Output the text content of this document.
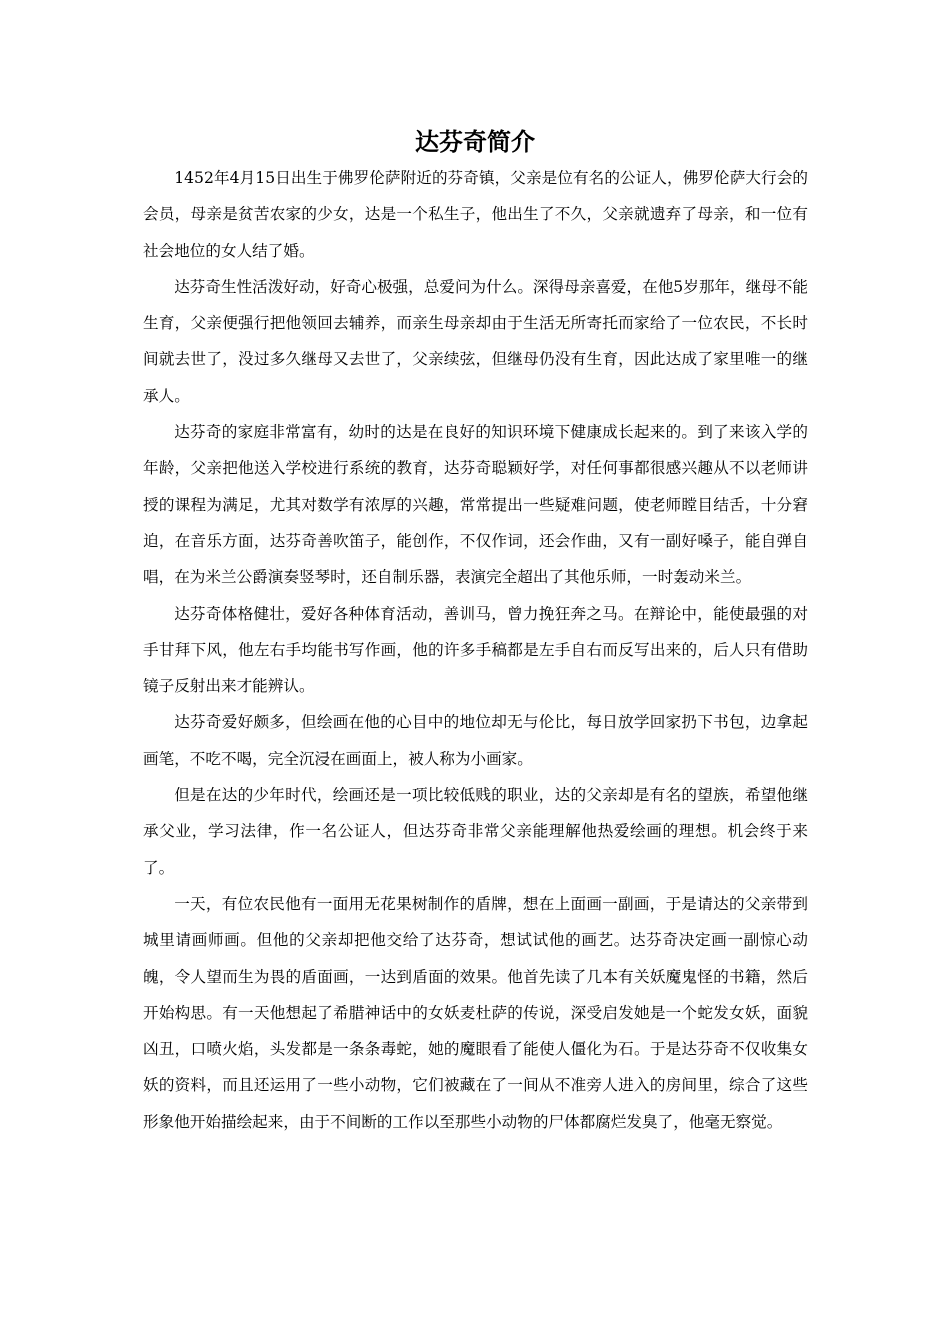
达芬奇简介

1452年4月15日出生于佛罗伦萨附近的芬奇镇，父亲是位有名的公证人，佛罗伦萨大行会的会员，母亲是贫苦农家的少女，达是一个私生子，他出生了不久，父亲就遗弃了母亲，和一位有社会地位的女人结了婚。

达芬奇生性活泼好动，好奇心极强，总爱问为什么。深得母亲喜爱，在他5岁那年，继母不能生育，父亲便强行把他领回去辅养，而亲生母亲却由于生活无所寄托而家给了一位农民，不长时间就去世了，没过多久继母又去世了，父亲续弦，但继母仍没有生育，因此达成了家里唯一的继承人。

达芬奇的家庭非常富有，幼时的达是在良好的知识环境下健康成长起来的。到了来该入学的年龄，父亲把他送入学校进行系统的教育，达芬奇聪颖好学，对任何事都很感兴趣从不以老师讲授的课程为满足，尤其对数学有浓厚的兴趣，常常提出一些疑难问题，使老师瞠目结舌，十分窘迫，在音乐方面，达芬奇善吹笛子，能创作，不仅作词，还会作曲，又有一副好嗓子，能自弹自唱，在为米兰公爵演奏竖琴时，还自制乐器，表演完全超出了其他乐师，一时轰动米兰。

达芬奇体格健壮，爱好各种体育活动，善训马，曾力挽狂奔之马。在辩论中，能使最强的对手甘拜下风，他左右手均能书写作画，他的许多手稿都是左手自右而反写出来的，后人只有借助镜子反射出来才能辨认。

达芬奇爱好颇多，但绘画在他的心目中的地位却无与伦比，每日放学回家扔下书包，边拿起画笔，不吃不喝，完全沉浸在画面上，被人称为小画家。

但是在达的少年时代，绘画还是一项比较低贱的职业，达的父亲却是有名的望族，希望他继承父业，学习法律，作一名公证人，但达芬奇非常父亲能理解他热爱绘画的理想。机会终于来了。

一天，有位农民他有一面用无花果树制作的盾牌，想在上面画一副画，于是请达的父亲带到城里请画师画。但他的父亲却把他交给了达芬奇，想试试他的画艺。达芬奇决定画一副惊心动魄，令人望而生为畏的盾面画，一达到盾面的效果。他首先读了几本有关妖魔鬼怪的书籍，然后开始构思。有一天他想起了希腊神话中的女妖麦杜萨的传说，深受启发她是一个蛇发女妖，面貌凶丑，口喷火焰，头发都是一条条毒蛇，她的魔眼看了能使人僵化为石。于是达芬奇不仅收集女妖的资料，而且还运用了一些小动物，它们被藏在了一间从不准旁人进入的房间里，综合了这些形象他开始描绘起来，由于不间断的工作以至那些小动物的尸体都腐烂发臭了，他毫无察觉。
